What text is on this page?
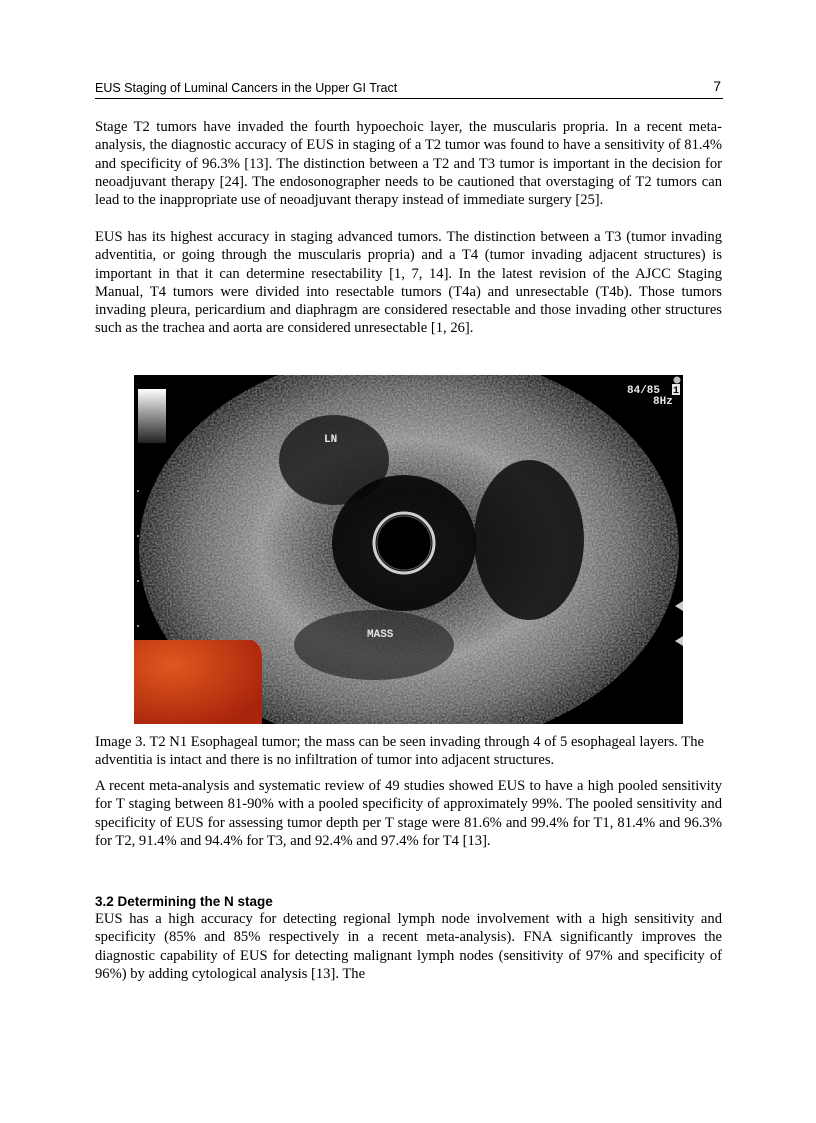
EUS Staging of Luminal Cancers in the Upper GI Tract	7

Stage T2 tumors have invaded the fourth hypoechoic layer, the muscularis propria. In a recent meta-analysis, the diagnostic accuracy of EUS in staging of a T2 tumor was found to have a sensitivity of 81.4% and specificity of 96.3% [13]. The distinction between a T2 and T3 tumor is important in the decision for neoadjuvant therapy [24]. The endosonographer needs to be cautioned that overstaging of T2 tumors can lead to the inappropriate use of neoadjuvant therapy instead of immediate surgery [25].

EUS has its highest accuracy in staging advanced tumors. The distinction between a T3 (tumor invading adventitia, or going through the muscularis propria) and a T4 (tumor invading adjacent structures) is important in that it can determine resectability [1, 7, 14]. In the latest revision of the AJCC Staging Manual, T4 tumors were divided into resectable tumors (T4a) and unresectable (T4b). Those tumors invading pleura, pericardium and diaphragm are considered resectable and those invading other structures such as the trachea and aorta are considered unresectable [1, 26].

LN
MASS
84/85 1
8Hz

Image 3. T2 N1 Esophageal tumor; the mass can be seen invading through 4 of 5 esophageal layers. The adventitia is intact and there is no infiltration of tumor into adjacent structures.

A recent meta-analysis and systematic review of 49 studies showed EUS to have a high pooled sensitivity for T staging between 81-90% with a pooled specificity of approximately 99%. The pooled sensitivity and specificity of EUS for assessing tumor depth per T stage were 81.6% and 99.4% for T1, 81.4% and 96.3% for T2, 91.4% and 94.4% for T3, and 92.4% and 97.4% for T4 [13].

3.2 Determining the N stage

EUS has a high accuracy for detecting regional lymph node involvement with a high sensitivity and specificity (85% and 85% respectively in a recent meta-analysis). FNA significantly improves the diagnostic capability of EUS for detecting malignant lymph nodes (sensitivity of 97% and specificity of 96%) by adding cytological analysis [13]. The
